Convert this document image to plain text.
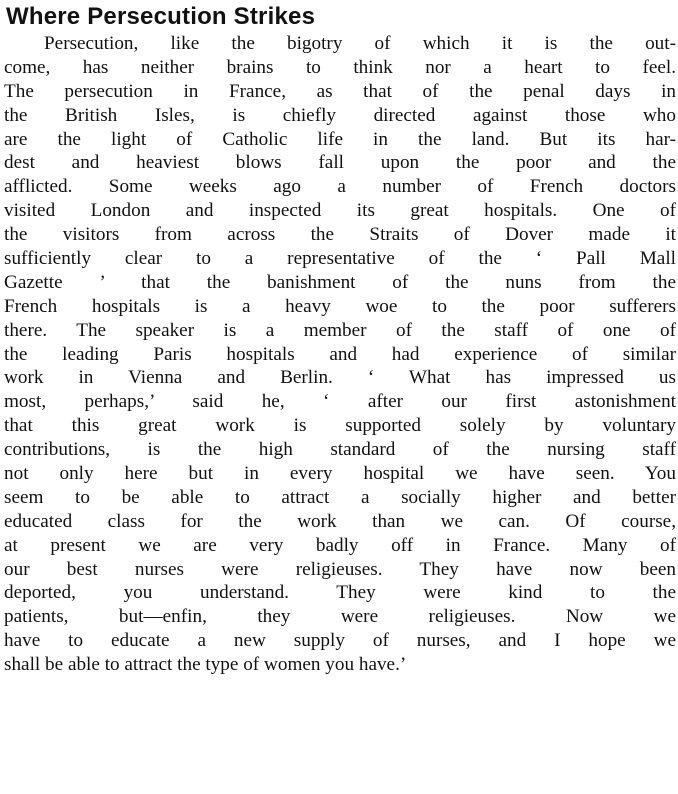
Where Persecution Strikes
Persecution, like the bigotry of which it is the out-
come, has neither brains to think nor a heart to feel.
The persecution in France, as that of the penal days in
the British Isles, is chiefly directed against those who
are the light of Catholic life in the land. But its har-
dest and heaviest blows fall upon the poor and the
afflicted. Some weeks ago a number of French doctors
visited London and inspected its great hospitals. One of
the visitors from across the Straits of Dover made it
sufficiently clear to a representative of the ‘ Pall Mall
Gazette ’ that the banishment of the nuns from the
French hospitals is a heavy woe to the poor sufferers
there. The speaker is a member of the staff of one of
the leading Paris hospitals and had experience of similar
work in Vienna and Berlin. ‘ What has impressed us
most, perhaps,’ said he, ‘ after our first astonishment
that this great work is supported solely by voluntary
contributions, is the high standard of the nursing staff
not only here but in every hospital we have seen. You
seem to be able to attract a socially higher and better
educated class for the work than we can. Of course,
at present we are very badly off in France. Many of
our best nurses were religieuses. They have now been
deported, you understand. They were kind to the
patients, but—enfin, they were religieuses. Now we
have to educate a new supply of nurses, and I hope we
shall be able to attract the type of women you have.’
